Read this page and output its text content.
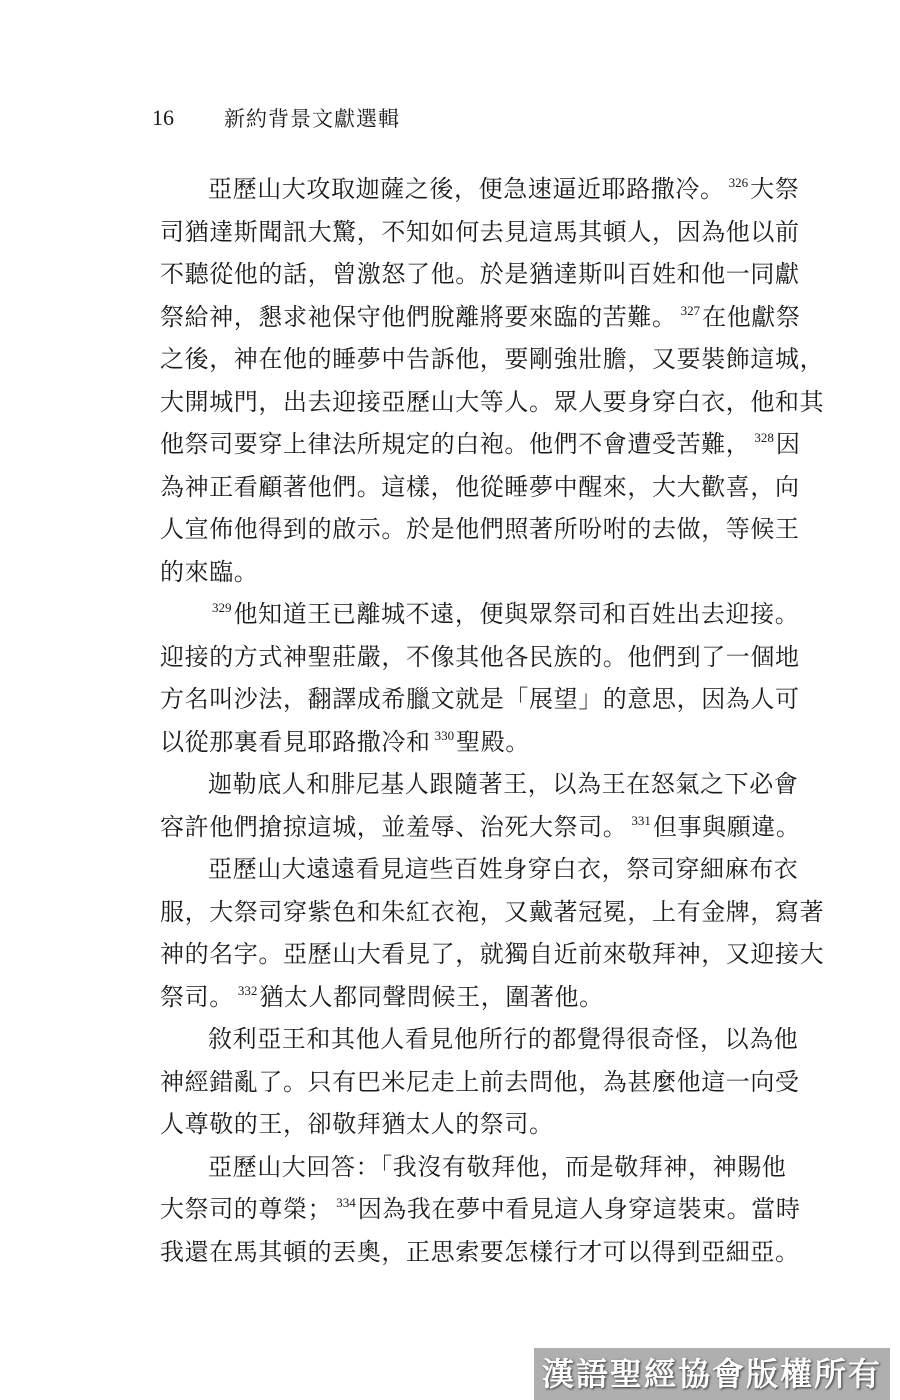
16	新約背景文獻選輯
亞歷山大攻取迦薩之後，便急速逼近耶路撒冷。 $^{326}$大祭
司猶達斯聞訊大驚，不知如何去見這馬其頓人，因為他以前
不聽從他的話，曾激怒了他。於是猶達斯叫百姓和他一同獻
祭給神，懇求祂保守他們脫離將要來臨的苦難。 $^{327}$在他獻祭
之後，神在他的睡夢中告訴他，要剛強壯膽，又要裝飾這城，
大開城門，出去迎接亞歷山大等人。眾人要身穿白衣，他和其
他祭司要穿上律法所規定的白袍。他們不會遭受苦難， $^{328}$因
為神正看顧著他們。這樣，他從睡夢中醒來，大大歡喜，向
人宣佈他得到的啟示。於是他們照著所吩咐的去做，等候王
的來臨。
$^{329}$他知道王已離城不遠，便與眾祭司和百姓出去迎接。
迎接的方式神聖莊嚴，不像其他各民族的。他們到了一個地
方名叫沙法，翻譯成希臘文就是「展望」的意思，因為人可
以從那裏看見耶路撒冷和 $^{330}$聖殿。
迦勒底人和腓尼基人跟隨著王，以為王在怒氣之下必會
容許他們搶掠這城，並羞辱、治死大祭司。 $^{331}$但事與願違。
亞歷山大遠遠看見這些百姓身穿白衣，祭司穿細麻布衣
服，大祭司穿紫色和朱紅衣袍，又戴著冠冕，上有金牌，寫著
神的名字。亞歷山大看見了，就獨自近前來敬拜神，又迎接大
祭司。 $^{332}$猶太人都同聲問候王，圍著他。
敘利亞王和其他人看見他所行的都覺得很奇怪，以為他
神經錯亂了。只有巴米尼走上前去問他，為甚麼他這一向受
人尊敬的王，卻敬拜猶太人的祭司。
亞歷山大回答：「我沒有敬拜他，而是敬拜神，神賜他
大祭司的尊榮； $^{334}$因為我在夢中看見這人身穿這裝束。當時
我還在馬其頓的丟奧，正思索要怎樣行才可以得到亞細亞。
漢語聖經協會版權所有
